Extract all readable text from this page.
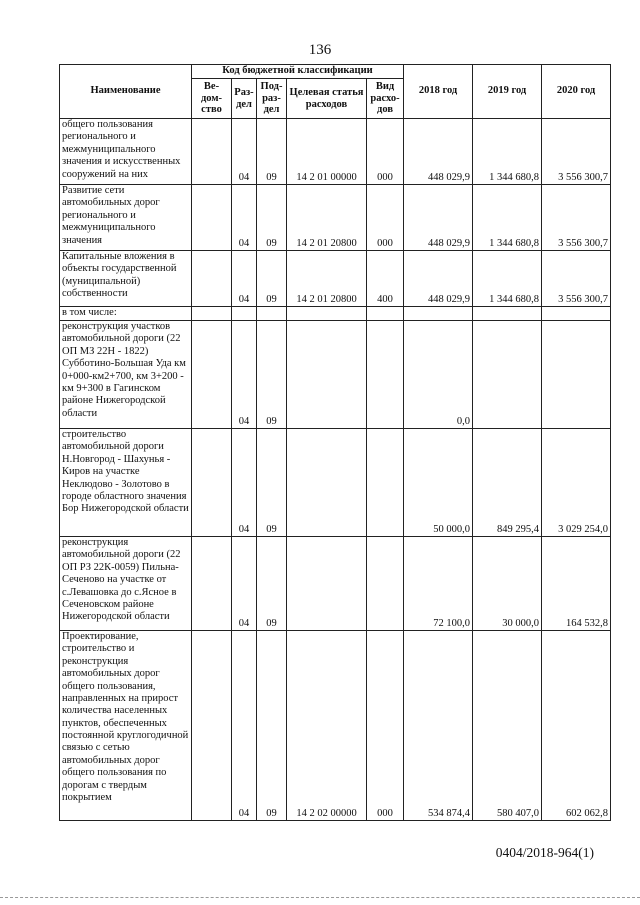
136
Наименование	Код бюджетной классификации					2018 год	2019 год	2020 год
	Ве-дом-ство	Раз-дел	Под-раз-дел	Целевая статья расходов	Вид расхо-дов			
общего пользования регионального и межмуниципального значения и искусственных сооружений на них		04	09	14 2 01 00000	000	448 029,9	1 344 680,8	3 556 300,7
Развитие сети автомобильных дорог регионального и межмуниципального значения		04	09	14 2 01 20800	000	448 029,9	1 344 680,8	3 556 300,7
Капитальные вложения в объекты государственной (муниципальной) собственности		04	09	14 2 01 20800	400	448 029,9	1 344 680,8	3 556 300,7
в том числе:								
реконструкция участков автомобильной дороги (22 ОП МЗ 22Н - 1822) Субботино-Большая Уда км 0+000-км2+700, км 3+200 - км 9+300 в Гагинском районе Нижегородской области		04	09			0,0		
строительство автомобильной дороги Н.Новгород - Шахунья - Киров на участке Неклюдово - Золотово в городе областного значения Бор Нижегородской области		04	09			50 000,0	849 295,4	3 029 254,0
реконструкция автомобильной дороги (22 ОП РЗ 22К-0059) Пильна-Сеченово на участке от с.Левашовка до с.Ясное в Сеченовском районе Нижегородской области		04	09			72 100,0	30 000,0	164 532,8
Проектирование, строительство и реконструкция автомобильных дорог общего пользования, направленных на прирост количества населенных пунктов, обеспеченных постоянной круглогодичной связью с сетью автомобильных дорог общего пользования по дорогам с твердым покрытием		04	09	14 2 02 00000	000	534 874,4	580 407,0	602 062,8
0404/2018-964(1)
